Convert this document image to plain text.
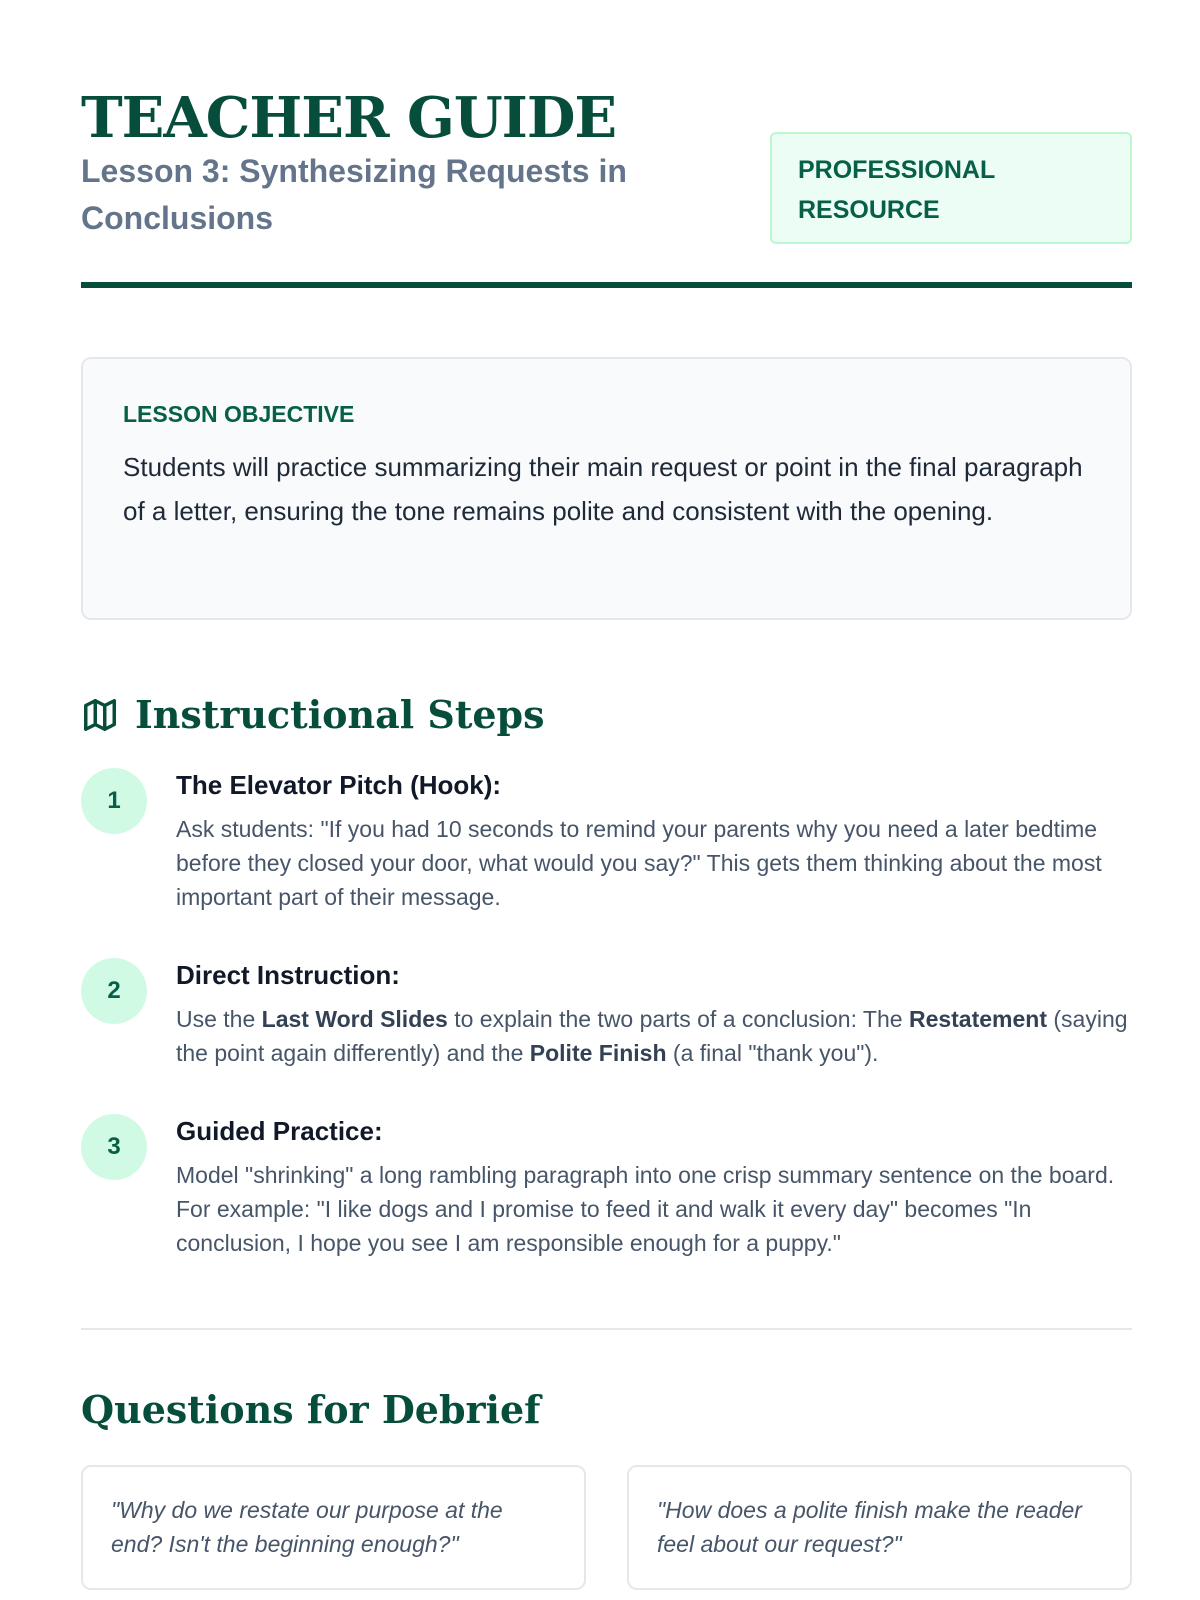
TEACHER GUIDE
Lesson 3: Synthesizing Requests in Conclusions
PROFESSIONAL
RESOURCE
LESSON OBJECTIVE
Students will practice summarizing their main request or point in the final paragraph of a letter, ensuring the tone remains polite and consistent with the opening.
Instructional Steps
1
The Elevator Pitch (Hook):
Ask students: "If you had 10 seconds to remind your parents why you need a later bedtime before they closed your door, what would you say?" This gets them thinking about the most important part of their message.
2
Direct Instruction:
Use the Last Word Slides to explain the two parts of a conclusion: The Restatement (saying the point again differently) and the Polite Finish (a final "thank you").
3
Guided Practice:
Model "shrinking" a long rambling paragraph into one crisp summary sentence on the board. For example: "I like dogs and I promise to feed it and walk it every day" becomes "In conclusion, I hope you see I am responsible enough for a puppy."
Questions for Debrief
"Why do we restate our purpose at the end? Isn't the beginning enough?"
"How does a polite finish make the reader feel about our request?"
